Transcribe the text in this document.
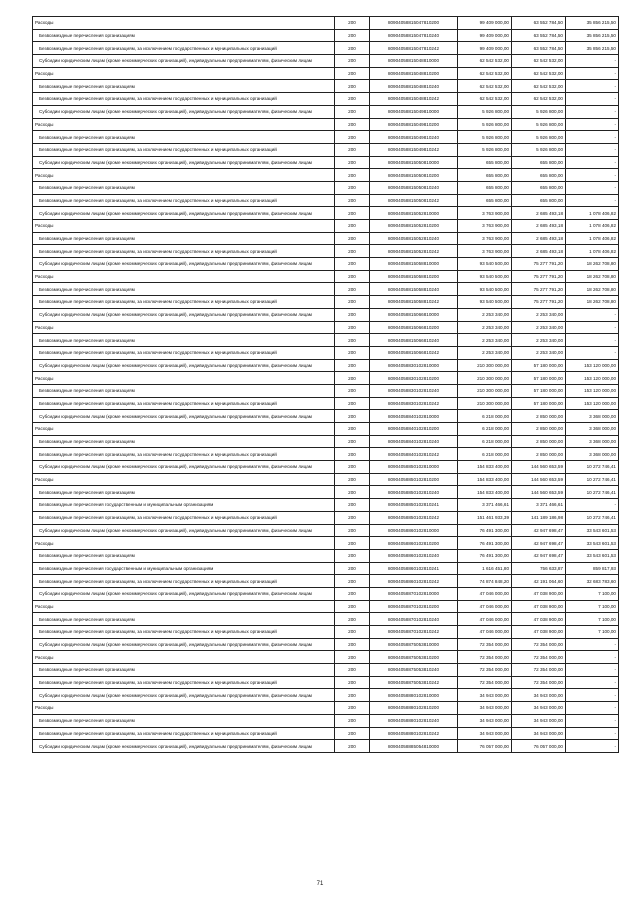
Расходы	200	80904058815047810200	99 409 000,00	63 552 784,50	35 856 215,50
Безвозмездные перечисления организациям	200	80904058815047810240	99 409 000,00	63 552 784,50	35 856 215,50
Безвозмездные перечисления организациям, за исключением государственных и муниципальных организаций	200	80904058815047810242	99 409 000,00	63 552 784,50	35 856 215,50
Субсидии юридическим лицам (кроме некоммерческих организаций), индивидуальным предпринимателям, физическим лицам	200	80904058815048810000	62 542 532,00	62 542 532,00	-
Расходы	200	80904058815048810200	62 542 532,00	62 542 532,00	-
Безвозмездные перечисления организациям	200	80904058815048810240	62 542 532,00	62 542 532,00	-
Безвозмездные перечисления организациям, за исключением государственных и муниципальных организаций	200	80904058815048810242	62 542 532,00	62 542 532,00	-
Субсидии юридическим лицам (кроме некоммерческих организаций), индивидуальным предпринимателям, физическим лицам	200	80904058815049810000	5 926 800,00	5 926 800,00	-
Расходы	200	80904058815049810200	5 926 800,00	5 926 800,00	-
Безвозмездные перечисления организациям	200	80904058815049810240	5 926 800,00	5 926 800,00	-
Безвозмездные перечисления организациям, за исключением государственных и муниципальных организаций	200	80904058815049810242	5 926 800,00	5 926 800,00	-
Субсидии юридическим лицам (кроме некоммерческих организаций), индивидуальным предпринимателям, физическим лицам	200	80904058815050810000	655 800,00	655 800,00	-
Расходы	200	80904058815050810200	655 800,00	655 800,00	-
Безвозмездные перечисления организациям	200	80904058815050810240	655 800,00	655 800,00	-
Безвозмездные перечисления организациям, за исключением государственных и муниципальных организаций	200	80904058815050810242	655 800,00	655 800,00	-
Субсидии юридическим лицам (кроме некоммерческих организаций), индивидуальным предпринимателям, физическим лицам	200	80904058815052810000	3 763 900,00	2 685 493,18	1 078 406,82
Расходы	200	80904058815052810200	3 763 900,00	2 685 493,18	1 078 406,82
Безвозмездные перечисления организациям	200	80904058815052810240	3 763 900,00	2 685 493,18	1 078 406,82
Безвозмездные перечисления организациям, за исключением государственных и муниципальных организаций	200	80904058815052810242	3 763 900,00	2 685 493,18	1 078 406,82
Субсидии юридическим лицам (кроме некоммерческих организаций), индивидуальным предпринимателям, физическим лицам	200	80904058815058810000	93 540 500,00	75 277 791,20	18 262 708,80
Расходы	200	80904058815058810200	93 540 500,00	75 277 791,20	18 262 708,80
Безвозмездные перечисления организациям	200	80904058815058810240	93 540 500,00	75 277 791,20	18 262 708,80
Безвозмездные перечисления организациям, за исключением государственных и муниципальных организаций	200	80904058815058810242	93 540 500,00	75 277 791,20	18 262 708,80
Субсидии юридическим лицам (кроме некоммерческих организаций), индивидуальным предпринимателям, физическим лицам	200	80904058815066810000	2 253 340,00	2 253 340,00	-
Расходы	200	80904058815066810200	2 253 340,00	2 253 340,00	-
Безвозмездные перечисления организациям	200	80904058815066810240	2 253 340,00	2 253 340,00	-
Безвозмездные перечисления организациям, за исключением государственных и муниципальных организаций	200	80904058815066810242	2 253 340,00	2 253 340,00	-
Субсидии юридическим лицам (кроме некоммерческих организаций), индивидуальным предпринимателям, физическим лицам	200	80904058830102810000	210 300 000,00	57 180 000,00	153 120 000,00
Расходы	200	80904058830102810200	210 300 000,00	57 180 000,00	153 120 000,00
Безвозмездные перечисления организациям	200	80904058830102810240	210 300 000,00	57 180 000,00	153 120 000,00
Безвозмездные перечисления организациям, за исключением государственных и муниципальных организаций	200	80904058830102810242	210 300 000,00	57 180 000,00	153 120 000,00
Субсидии юридическим лицам (кроме некоммерческих организаций), индивидуальным предпринимателям, физическим лицам	200	80904058840102810000	6 218 000,00	2 850 000,00	3 368 000,00
Расходы	200	80904058840102810200	6 218 000,00	2 850 000,00	3 368 000,00
Безвозмездные перечисления организациям	200	80904058840102810240	6 218 000,00	2 850 000,00	3 368 000,00
Безвозмездные перечисления организациям, за исключением государственных и муниципальных организаций	200	80904058840102810242	6 218 000,00	2 850 000,00	3 368 000,00
Субсидии юридическим лицам (кроме некоммерческих организаций), индивидуальным предпринимателям, физическим лицам	200	80904058850102810000	154 833 400,00	144 560 653,59	10 272 746,41
Расходы	200	80904058850102810200	154 833 400,00	144 560 653,59	10 272 746,41
Безвозмездные перечисления организациям	200	80904058850102810240	154 833 400,00	144 560 653,59	10 272 746,41
Безвозмездные перечисления государственным и муниципальным организациям	200	80904058850102810241	3 371 466,61	3 371 466,61	-
Безвозмездные перечисления организациям, за исключением государственных и муниципальных организаций	200	80904058850102810242	151 461 933,39	141 189 186,98	10 272 746,41
Субсидии юридическим лицам (кроме некоммерческих организаций), индивидуальным предпринимателям, физическим лицам	200	80904058860102810000	76 491 300,00	42 947 698,47	33 543 601,53
Расходы	200	80904058860102810200	76 491 300,00	42 947 698,47	33 543 601,53
Безвозмездные перечисления организациям	200	80904058860102810240	76 491 300,00	42 947 698,47	33 543 601,53
Безвозмездные перечисления государственным и муниципальным организациям	200	80904058860102810241	1 616 451,80	756 633,87	859 817,93
Безвозмездные перечисления организациям, за исключением государственных и муниципальных организаций	200	80904058860102810242	74 874 848,20	42 191 064,60	32 683 783,60
Субсидии юридическим лицам (кроме некоммерческих организаций), индивидуальным предпринимателям, физическим лицам	200	80904058870102810000	47 046 000,00	47 038 900,00	7 100,00
Расходы	200	80904058870102810200	47 046 000,00	47 038 900,00	7 100,00
Безвозмездные перечисления организациям	200	80904058870102810240	47 046 000,00	47 038 900,00	7 100,00
Безвозмездные перечисления организациям, за исключением государственных и муниципальных организаций	200	80904058870102810242	47 046 000,00	47 038 900,00	7 100,00
Субсидии юридическим лицам (кроме некоммерческих организаций), индивидуальным предпринимателям, физическим лицам	200	80904058875053810000	72 354 000,00	72 354 000,00	-
Расходы	200	80904058875053810200	72 354 000,00	72 354 000,00	-
Безвозмездные перечисления организациям	200	80904058875053810240	72 354 000,00	72 354 000,00	-
Безвозмездные перечисления организациям, за исключением государственных и муниципальных организаций	200	80904058875053810242	72 354 000,00	72 354 000,00	-
Субсидии юридическим лицам (кроме некоммерческих организаций), индивидуальным предпринимателям, физическим лицам	200	80904058880102810000	34 943 000,00	34 943 000,00	-
Расходы	200	80904058880102810200	34 943 000,00	34 943 000,00	-
Безвозмездные перечисления организациям	200	80904058880102810240	34 943 000,00	34 943 000,00	-
Безвозмездные перечисления организациям, за исключением государственных и муниципальных организаций	200	80904058880102810242	34 943 000,00	34 943 000,00	-
Субсидии юридическим лицам (кроме некоммерческих организаций), индивидуальным предпринимателям, физическим лицам	200	80904058885054810000	76 057 000,00	76 057 000,00	-
71
